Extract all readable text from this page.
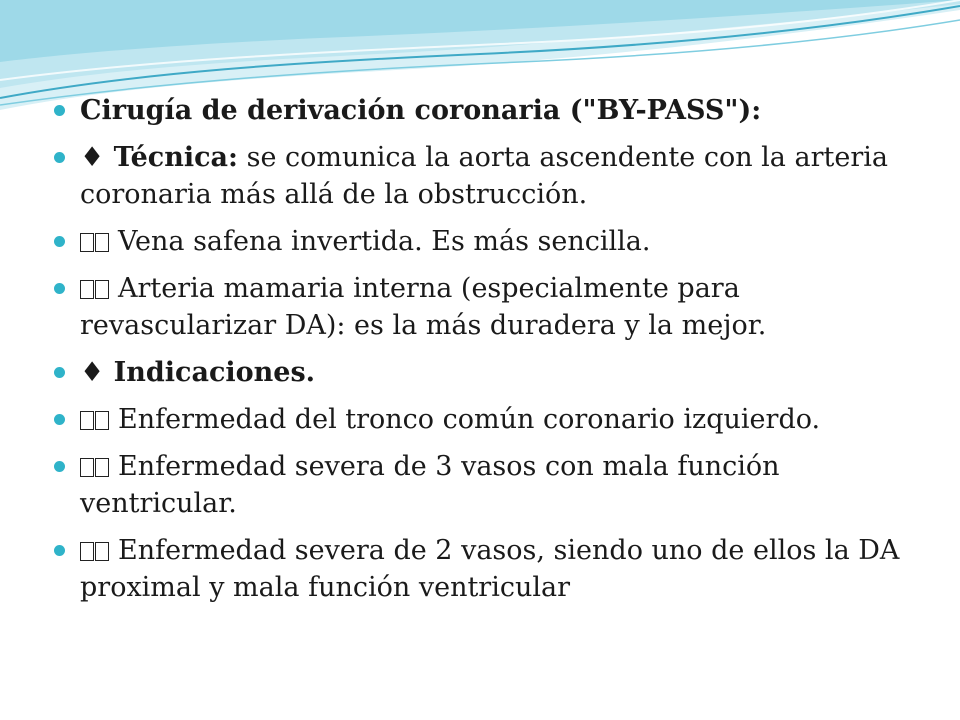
Cirugía de derivación coronaria ("BY-PASS"):
♦ Técnica: se comunica la aorta ascendente con la arteria coronaria más allá de la obstrucción.
Vena safena invertida. Es más sencilla.
Arteria mamaria interna (especialmente para revascularizar DA): es la más duradera y la mejor.
♦ Indicaciones.
Enfermedad del tronco común coronario izquierdo.
Enfermedad severa de 3 vasos con mala función ventricular.
Enfermedad severa de 2 vasos, siendo uno de ellos la DA proximal y mala función ventricular
